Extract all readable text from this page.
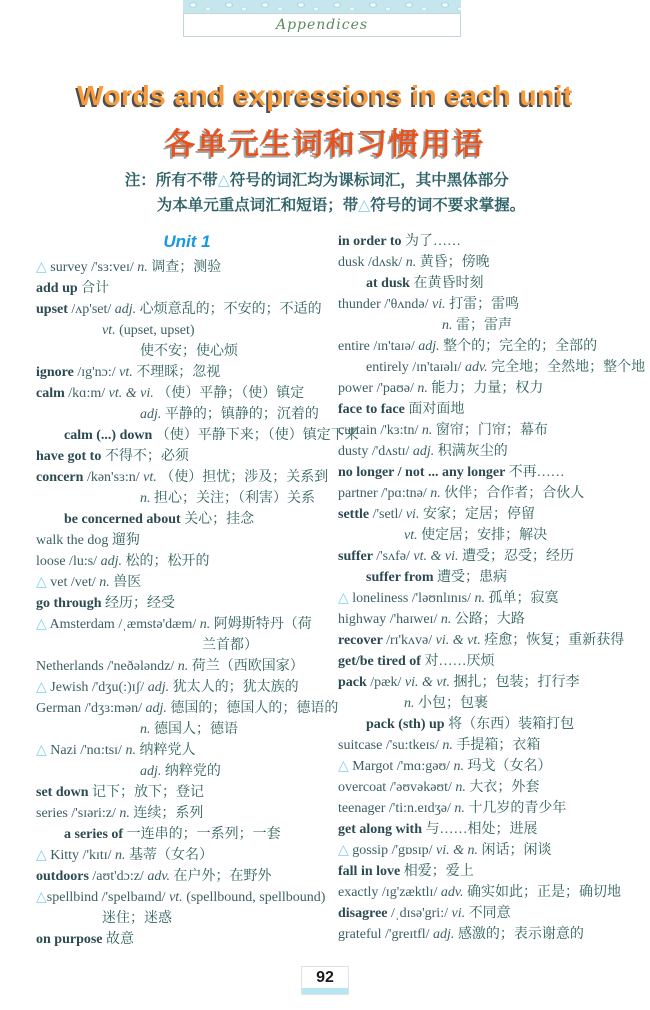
Appendices
Words and expressions in each unit
各单元生词和习惯用语
注：所有不带△符号的词汇均为课标词汇，其中黑体部分
为本单元重点词汇和短语；带△符号的词不要求掌握。
Unit 1
△ survey /'sɜ:veɪ/ n. 调查；测验
add up 合计
upset /ʌp'set/ adj. 心烦意乱的；不安的；不适的
vt. (upset, upset)
使不安；使心烦
ignore /ɪg'nɔ:/ vt. 不理睬；忽视
calm /kɑ:m/ vt. & vi. （使）平静；（使）镇定
adj. 平静的；镇静的；沉着的
calm (...) down （使）平静下来；（使）镇定下来
have got to 不得不；必须
concern /kən'sɜ:n/ vt. （使）担忧；涉及；关系到
n. 担心；关注；（利害）关系
be concerned about 关心；挂念
walk the dog 遛狗
loose /lu:s/ adj. 松的；松开的
△ vet /vet/ n. 兽医
go through 经历；经受
△ Amsterdam /ˌæmstə'dæm/ n. 阿姆斯特丹（荷
兰首都）
Netherlands /'neðələndz/ n. 荷兰（西欧国家）
△ Jewish /'dʒu(:)ɪʃ/ adj. 犹太人的；犹太族的
German /'dʒɜ:mən/ adj. 德国的；德国人的；德语的
n. 德国人；德语
△ Nazi /'nɑ:tsɪ/ n. 纳粹党人
adj. 纳粹党的
set down 记下；放下；登记
series /'sɪəri:z/ n. 连续；系列
a series of 一连串的；一系列；一套
△ Kitty /'kɪtɪ/ n. 基蒂（女名）
outdoors /aʊt'dɔ:z/ adv. 在户外；在野外
△spellbind /'spelbaɪnd/ vt. (spellbound, spellbound)
迷住；迷惑
on purpose 故意
in order to 为了……
dusk /dʌsk/ n. 黄昏；傍晚
at dusk 在黄昏时刻
thunder /'θʌndə/ vi. 打雷；雷鸣
n. 雷；雷声
entire /ɪn'taɪə/ adj. 整个的；完全的；全部的
entirely /ɪn'taɪəlɪ/ adv. 完全地；全然地；整个地
power /'paʊə/ n. 能力；力量；权力
face to face 面对面地
curtain /'kɜ:tn/ n. 窗帘；门帘；幕布
dusty /'dʌstɪ/ adj. 积满灰尘的
no longer / not ... any longer 不再……
partner /'pɑ:tnə/ n. 伙伴；合作者；合伙人
settle /'setl/ vi. 安家；定居；停留
vt. 使定居；安排；解决
suffer /'sʌfə/ vt. & vi. 遭受；忍受；经历
suffer from 遭受；患病
△ loneliness /'ləʊnlɪnɪs/ n. 孤单；寂寞
highway /'haɪweɪ/ n. 公路；大路
recover /rɪ'kʌvə/ vi. & vt. 痊愈；恢复；重新获得
get/be tired of 对……厌烦
pack /pæk/ vi. & vt. 捆扎；包装；打行李
n. 小包；包裹
pack (sth) up 将（东西）装箱打包
suitcase /'su:tkeɪs/ n. 手提箱；衣箱
△ Margot /'mɑ:gəʊ/ n. 玛戈（女名）
overcoat /'əʊvəkəʊt/ n. 大衣；外套
teenager /'ti:n.eɪdʒə/ n. 十几岁的青少年
get along with 与……相处；进展
△ gossip /'gɒsɪp/ vi. & n. 闲话；闲谈
fall in love 相爱；爱上
exactly /ɪg'zæktlɪ/ adv. 确实如此；正是；确切地
disagree /ˌdɪsə'gri:/ vi. 不同意
grateful /'greɪtfl/ adj. 感激的；表示谢意的
92
